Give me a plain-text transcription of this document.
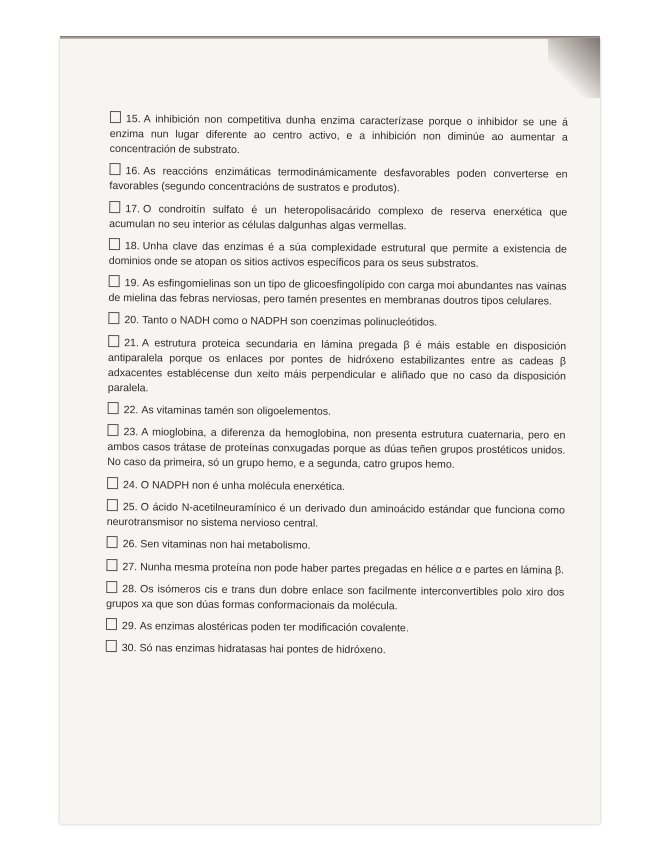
15. A inhibición non competitiva dunha enzima caracterízase porque o inhibidor se une á enzima nun lugar diferente ao centro activo, e a inhibición non diminúe ao aumentar a concentración de substrato.

16. As reaccións enzimáticas termodinámicamente desfavorables poden converterse en favorables (segundo concentracións de sustratos e produtos).

17. O condroitín sulfato é un heteropolisacárido complexo de reserva enerxética que acumulan no seu interior as células dalgunhas algas vermellas.

18. Unha clave das enzimas é a súa complexidade estrutural que permite a existencia de dominios onde se atopan os sitios activos específicos para os seus substratos.

19. As esfingomielinas son un tipo de glicoesfingolípido con carga moi abundantes nas vainas de mielina das febras nerviosas, pero tamén presentes en membranas doutros tipos celulares.

20. Tanto o NADH como o NADPH son coenzimas polinucleótidos.

21. A estrutura proteica secundaria en lámina pregada β é máis estable en disposición antiparalela porque os enlaces por pontes de hidróxeno estabilizantes entre as cadeas β adxacentes establécense dun xeito máis perpendicular e aliñado que no caso da disposición paralela.

22. As vitaminas tamén son oligoelementos.

23. A mioglobina, a diferenza da hemoglobina, non presenta estrutura cuaternaria, pero en ambos casos trátase de proteínas conxugadas porque as dúas teñen grupos prostéticos unidos. No caso da primeira, só un grupo hemo, e a segunda, catro grupos hemo.

24. O NADPH non é unha molécula enerxética.

25. O ácido N-acetilneuramínico é un derivado dun aminoácido estándar que funciona como neurotransmisor no sistema nervioso central.

26. Sen vitaminas non hai metabolismo.

27. Nunha mesma proteína non pode haber partes pregadas en hélice α e partes en lámina β.

28. Os isómeros cis e trans dun dobre enlace son facilmente interconvertibles polo xiro dos grupos xa que son dúas formas conformacionais da molécula.

29. As enzimas alostéricas poden ter modificación covalente.

30. Só nas enzimas hidratasas hai pontes de hidróxeno.
